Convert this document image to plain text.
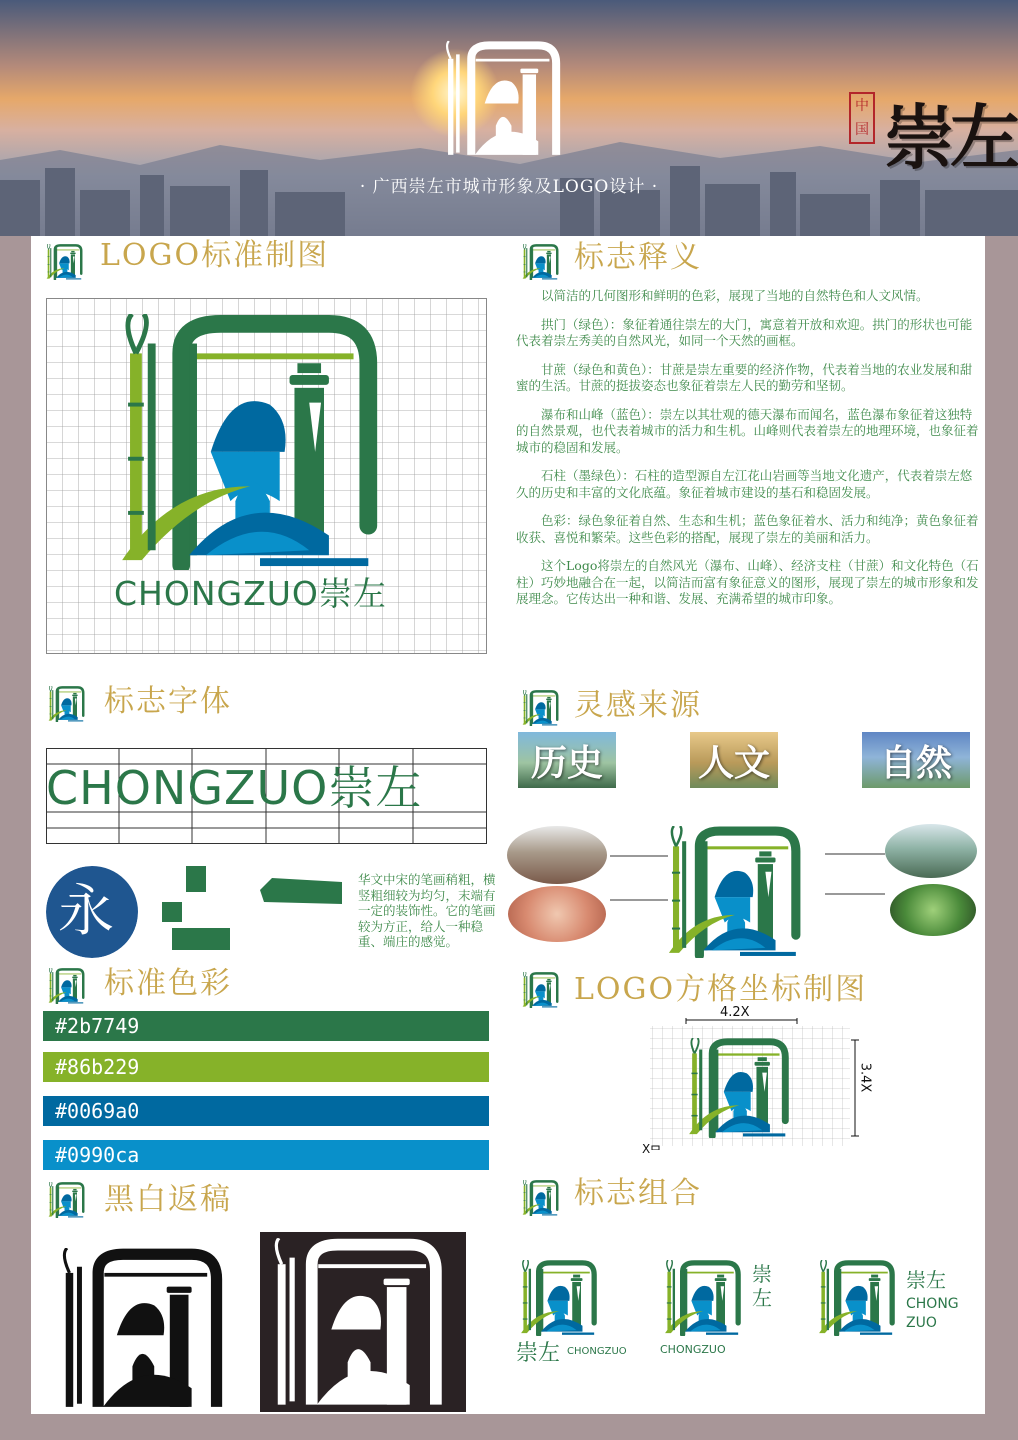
· 广西崇左市城市形象及LOGO设计 ·
中
国 崇左
LOGO标准制图
CHONGZUO崇左
标志释义

以简洁的几何图形和鲜明的色彩，展现了当地的自然特色和人文风情。

拱门（绿色）：象征着通往崇左的大门，寓意着开放和欢迎。拱门的形状也可能代表着崇左秀美的自然风光，如同一个天然的画框。

甘蔗（绿色和黄色）：甘蔗是崇左重要的经济作物，代表着当地的农业发展和甜蜜的生活。甘蔗的挺拔姿态也象征着崇左人民的勤劳和坚韧。

瀑布和山峰（蓝色）：崇左以其壮观的德天瀑布而闻名，蓝色瀑布象征着这独特的自然景观，也代表着城市的活力和生机。山峰则代表着崇左的地理环境，也象征着城市的稳固和发展。

石柱（墨绿色）：石柱的造型源自左江花山岩画等当地文化遗产，代表着崇左悠久的历史和丰富的文化底蕴。象征着城市建设的基石和稳固发展。

色彩：绿色象征着自然、生态和生机；蓝色象征着水、活力和纯净；黄色象征着收获、喜悦和繁荣。这些色彩的搭配，展现了崇左的美丽和活力。

这个Logo将崇左的自然风光（瀑布、山峰）、经济支柱（甘蔗）和文化特色（石柱）巧妙地融合在一起，以简洁而富有象征意义的图形，展现了崇左的城市形象和发展理念。它传达出一种和谐、发展、充满希望的城市印象。

标志字体
CHONGZUO崇左
永	华文中宋的笔画稍粗，横竖粗细较为均匀，末端有一定的装饰性。它的笔画较为方正，给人一种稳重、端庄的感觉。
灵感来源
历史	人文	自然
标准色彩
#2b7749
#86b229
#0069a0
#0990ca
LOGO方格坐标制图
4.2X
3.4X
X
黑白返稿	标志组合
崇左 CHONGZUO
崇
左
CHONGZUO
崇左
CHONG
ZUO
